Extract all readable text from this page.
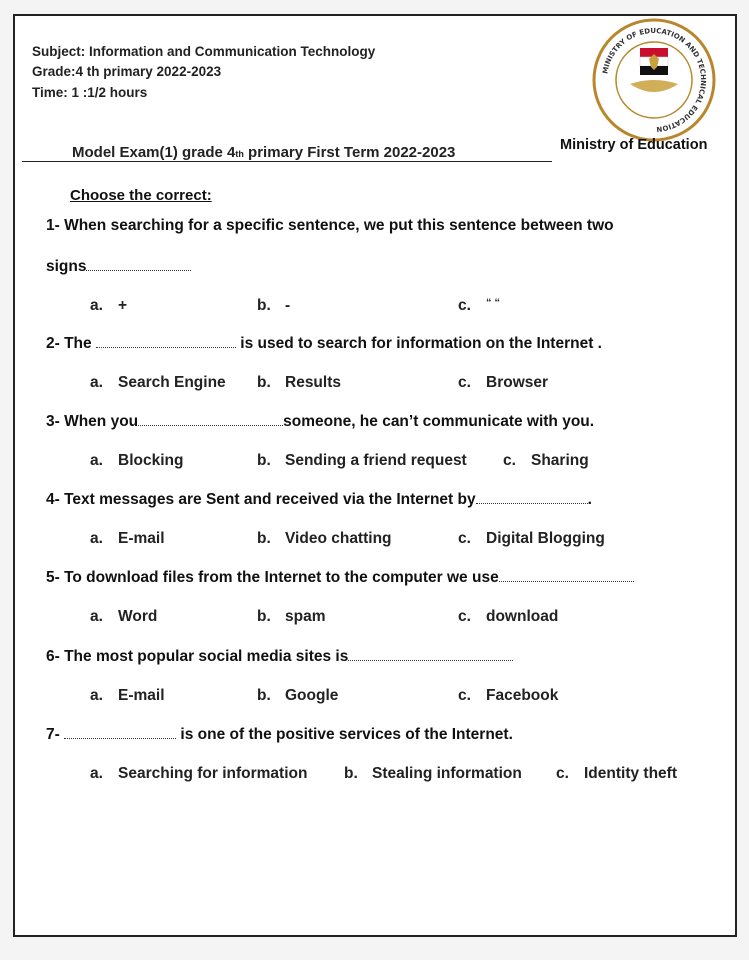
Subject: Information and Communication Technology
Grade:4 th primary 2022-2023
Time: 1 :1/2 hours
MINISTRY OF EDUCATION AND TECHNICAL EDUCATION
Ministry of Education
Model Exam(1) grade 4th primary First Term 2022-2023
Choose the correct:
1- When searching for a specific sentence, we put this sentence between two
signs
a. +	b. -	c. “ “
2- The	is used to search for information on the Internet .
a. Search Engine b. Results	c. Browser
3- When you	someone, he can’t communicate with you.
a. Blocking	b. Sending a friend request c. Sharing
4- Text messages are Sent and received via the Internet by	.
a. E-mail	b. Video chatting	c. Digital Blogging
5- To download files from the Internet to the computer we use
a. Word	b. spam	c. download
6- The most popular social media sites is
a. E-mail	b. Google	c. Facebook
7-	is one of the positive services of the Internet.
a. Searching for information b. Stealing information c. Identity theft
